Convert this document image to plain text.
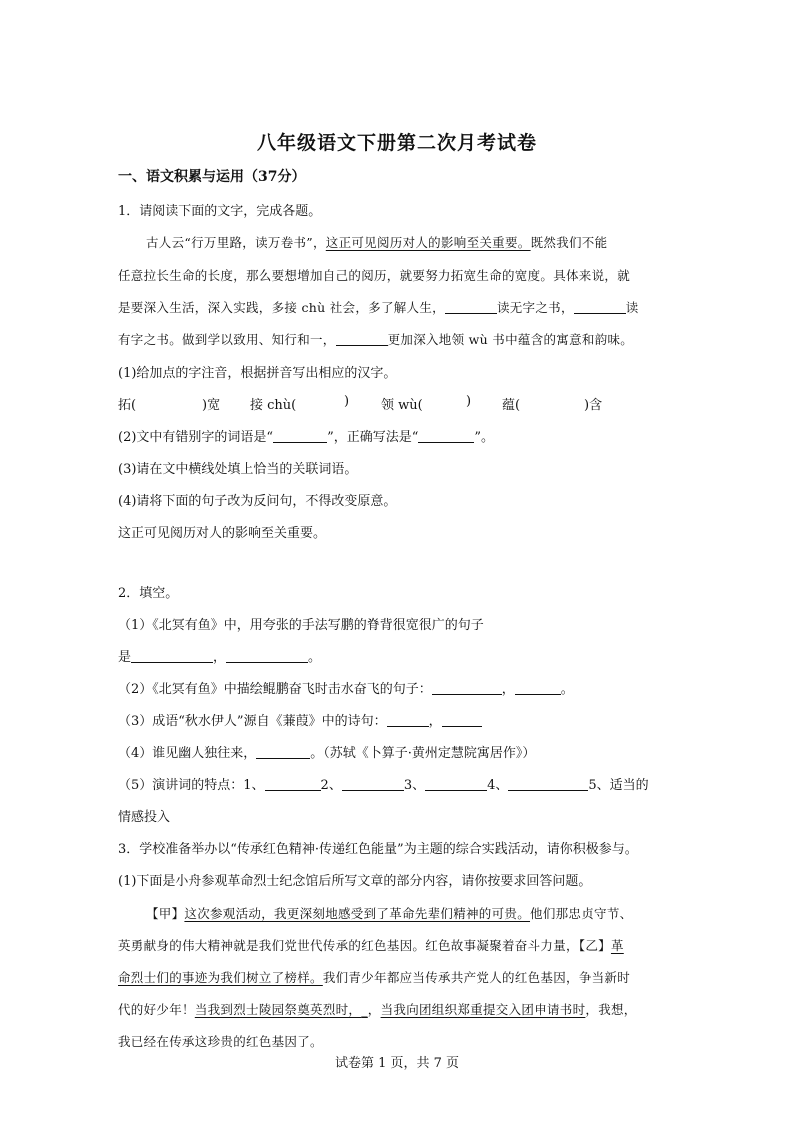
八年级语文下册第二次月考试卷
一、语文积累与运用（37分）
1．请阅读下面的文字，完成各题。
古人云“行万里路，读万卷书”，这正可见阅历对人的影响至关重要。既然我们不能
任意拉长生命的长度，那么要想增加自己的阅历，就要努力拓宽生命的宽度。具体来说，就
是要深入生活，深入实践，多接 chù 社会，多了解人生，	读无字之书，	读
有字之书。做到学以致用、知行和一，	更加深入地领 wù 书中蕴含的寓意和韵味。
(1)给加点的字注音，根据拼音写出相应的汉字。
拓(	)宽 接 chù(	) 领 wù(	) 蕴(	)含
(2)文中有错别字的词语是“	”，正确写法是“	”。
(3)请在文中横线处填上恰当的关联词语。
(4)请将下面的句子改为反问句，不得改变原意。
这正可见阅历对人的影响至关重要。
2．填空。
（1）《北冥有鱼》中，用夸张的手法写鹏的脊背很宽很广的句子
是	，	。
（2）《北冥有鱼》中描绘鲲鹏奋飞时击水奋飞的句子：	，	。
（3）成语“秋水伊人”源自《蒹葭》中的诗句：	，
（4）谁见幽人独往来，	。（苏轼《卜算子·黄州定慧院寓居作》）
（5）演讲词的特点：1、	2、	3、	4、	5、适当的
情感投入
3．学校准备举办以“传承红色精神·传递红色能量”为主题的综合实践活动，请你积极参与。
(1)下面是小舟参观革命烈士纪念馆后所写文章的部分内容，请你按要求回答问题。
【甲】这次参观活动，我更深刻地感受到了革命先辈们精神的可贵。他们那忠贞守节、
英勇献身的伟大精神就是我们党世代传承的红色基因。红色故事凝聚着奋斗力量，【乙】革
命烈士们的事迹为我们树立了榜样。我们青少年都应当传承共产党人的红色基因，争当新时
代的好少年！当我到烈士陵园祭奠英烈时，_，当我向团组织郑重提交入团申请书时，我想，
我已经在传承这珍贵的红色基因了。
试卷第 1 页，共 7 页
